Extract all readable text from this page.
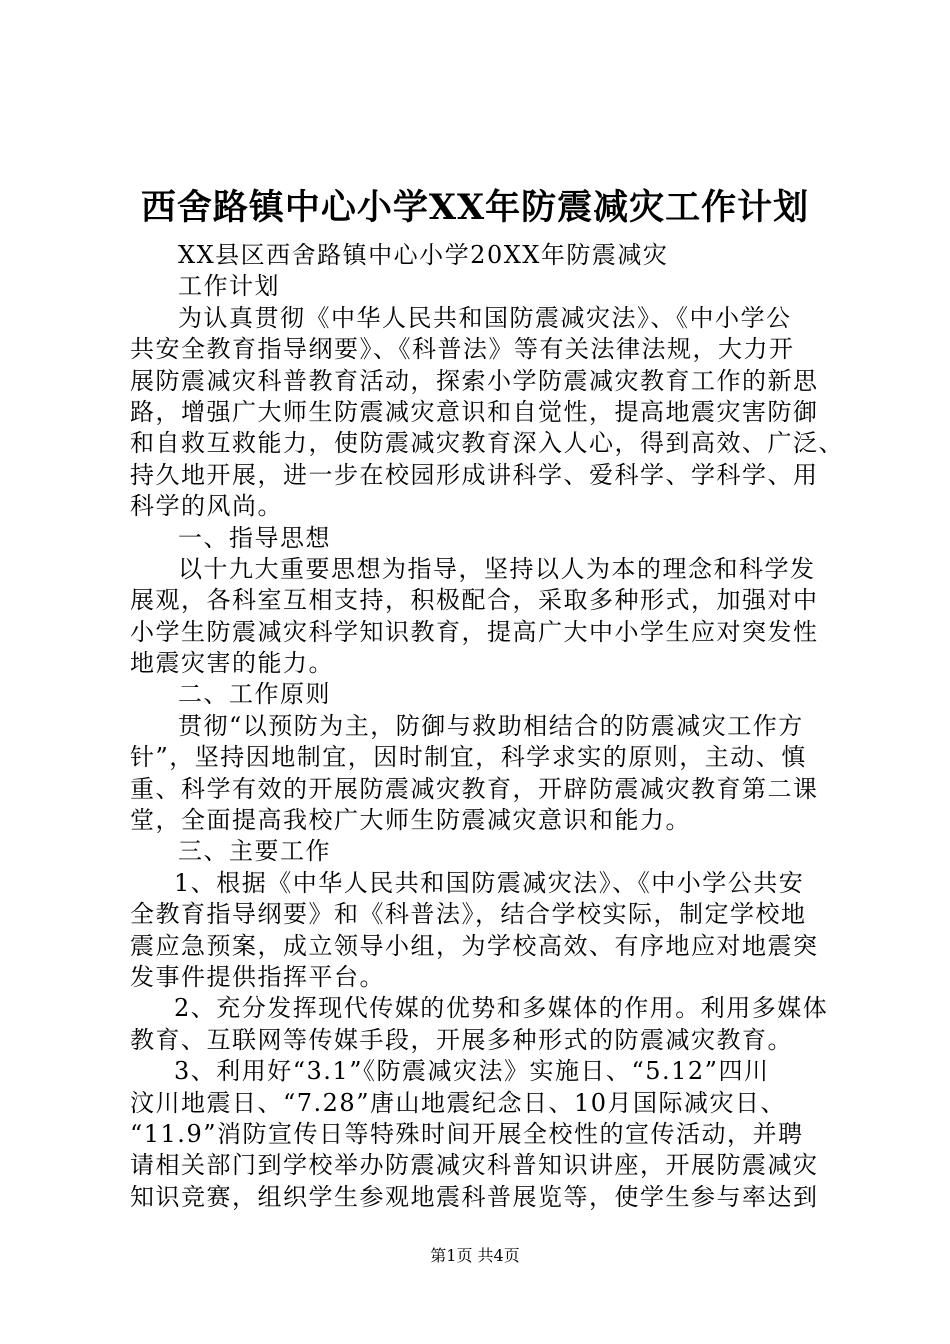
西舍路镇中心小学XX年防震减灾工作计划

XX县区西舍路镇中心小学20XX年防震减灾

工作计划

为认真贯彻《中华人民共和国防震减灾法》、《中小学公

共安全教育指导纲要》、《科普法》等有关法律法规，大力开

展防震减灾科普教育活动，探索小学防震减灾教育工作的新思

路，增强广大师生防震减灾意识和自觉性，提高地震灾害防御

和自救互救能力，使防震减灾教育深入人心，得到高效、广泛、

持久地开展，进一步在校园形成讲科学、爱科学、学科学、用

科学的风尚。

一、指导思想

以十九大重要思想为指导，坚持以人为本的理念和科学发

展观，各科室互相支持，积极配合，采取多种形式，加强对中

小学生防震减灾科学知识教育，提高广大中小学生应对突发性

地震灾害的能力。

二、工作原则

贯彻“以预防为主，防御与救助相结合的防震减灾工作方

针”，坚持因地制宜，因时制宜，科学求实的原则，主动、慎

重、科学有效的开展防震减灾教育，开辟防震减灾教育第二课

堂，全面提高我校广大师生防震减灾意识和能力。

三、主要工作

1、根据《中华人民共和国防震减灾法》、《中小学公共安

全教育指导纲要》和《科普法》，结合学校实际，制定学校地

震应急预案，成立领导小组，为学校高效、有序地应对地震突

发事件提供指挥平台。

2、充分发挥现代传媒的优势和多媒体的作用。利用多媒体

教育、互联网等传媒手段，开展多种形式的防震减灾教育。

3、利用好“3.1”《防震减灾法》实施日、“5.12”四川

汶川地震日、“7.28”唐山地震纪念日、10月国际减灾日、

“11.9”消防宣传日等特殊时间开展全校性的宣传活动，并聘

请相关部门到学校举办防震减灾科普知识讲座，开展防震减灾

知识竞赛，组织学生参观地震科普展览等，使学生参与率达到

第1页 共4页
